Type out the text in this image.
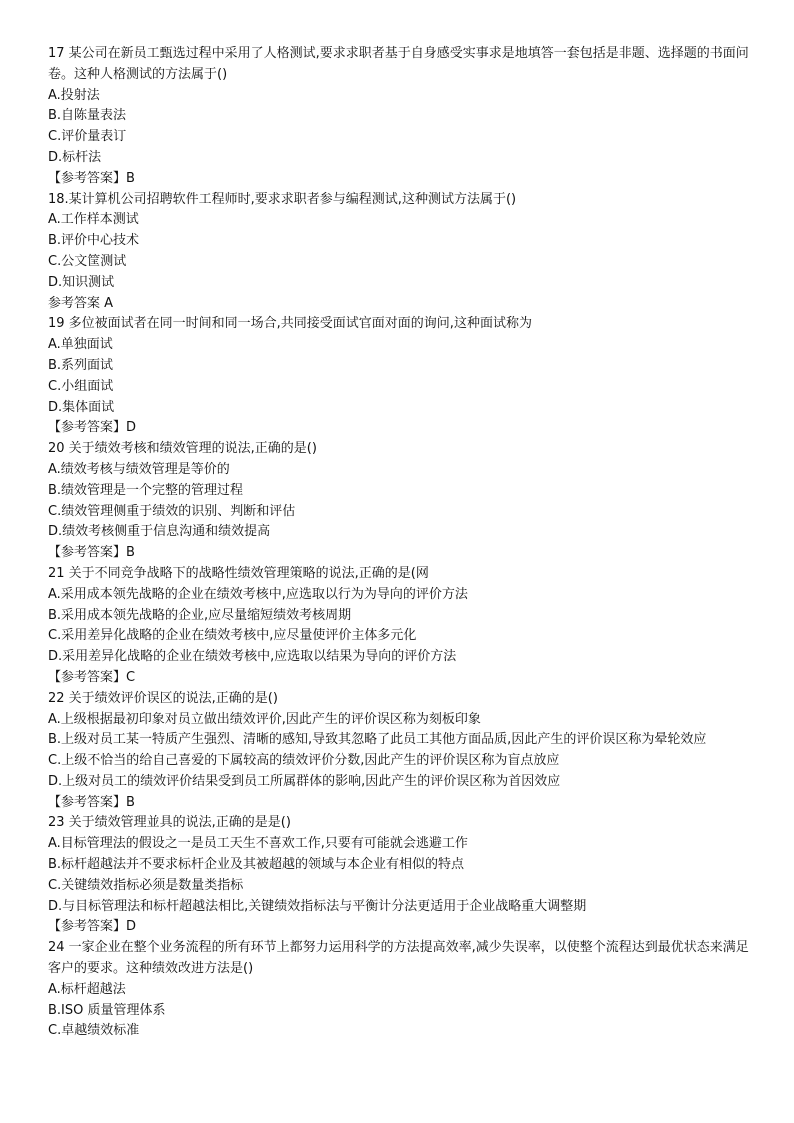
17 某公司在新员工甄选过程中采用了人格测试,要求求职者基于自身感受实事求是地填答一套包括是非题、选择题的书面问卷。这种人格测试的方法属于()
A.投射法
B.自陈量表法
C.评价量表订
D.标杆法
【参考答案】B
18.某计算机公司招聘软件工程师时,要求求职者参与编程测试,这种测试方法属于()
A.工作样本测试
B.评价中心技术
C.公文筐测试
D.知识测试
参考答案 A
19 多位被面试者在同一时间和同一场合,共同接受面试官面对面的询问,这种面试称为
A.单独面试
B.系列面试
C.小组面试
D.集体面试
【参考答案】D
20 关于绩效考核和绩效管理的说法,正确的是()
A.绩效考核与绩效管理是等价的
B.绩效管理是一个完整的管理过程
C.绩效管理侧重于绩效的识别、判断和评估
D.绩效考核侧重于信息沟通和绩效提高
【参考答案】B
21 关于不同竞争战略下的战略性绩效管理策略的说法,正确的是(网
A.采用成本领先战略的企业在绩效考核中,应选取以行为为导向的评价方法
B.采用成本领先战略的企业,应尽量缩短绩效考核周期
C.采用差异化战略的企业在绩效考核中,应尽量使评价主体多元化
D.采用差异化战略的企业在绩效考核中,应选取以结果为导向的评价方法
【参考答案】C
22 关于绩效评价误区的说法,正确的是()
A.上级根据最初印象对员立做出绩效评价,因此产生的评价误区称为刻板印象
B.上级对员工某一特质产生强烈、清晰的感知,导致其忽略了此员工其他方面品质,因此产生的评价误区称为晕轮效应
C.上级不恰当的给自己喜爱的下属较高的绩效评价分数,因此产生的评价误区称为盲点放应
D.上级对员工的绩效评价结果受到员工所属群体的影响,因此产生的评价误区称为首因效应
【参考答案】B
23 关于绩效管理並具的说法,正确的是是()
A.目标管理法的假设之一是员工天生不喜欢工作,只要有可能就会逃避工作
B.标杆超越法并不要求标杆企业及其被超越的领域与本企业有相似的特点
C.关键绩效指标必须是数量类指标
D.与目标管理法和标杆超越法相比,关键绩效指标法与平衡计分法更适用于企业战略重大调整期
【参考答案】D
24 一家企业在整个业务流程的所有环节上都努力运用科学的方法提高效率,减少失误率，以使整个流程达到最优状态来满足客户的要求。这种绩效改进方法是()
A.标杆超越法
B.ISO 质量管理体系
C.卓越绩效标准
